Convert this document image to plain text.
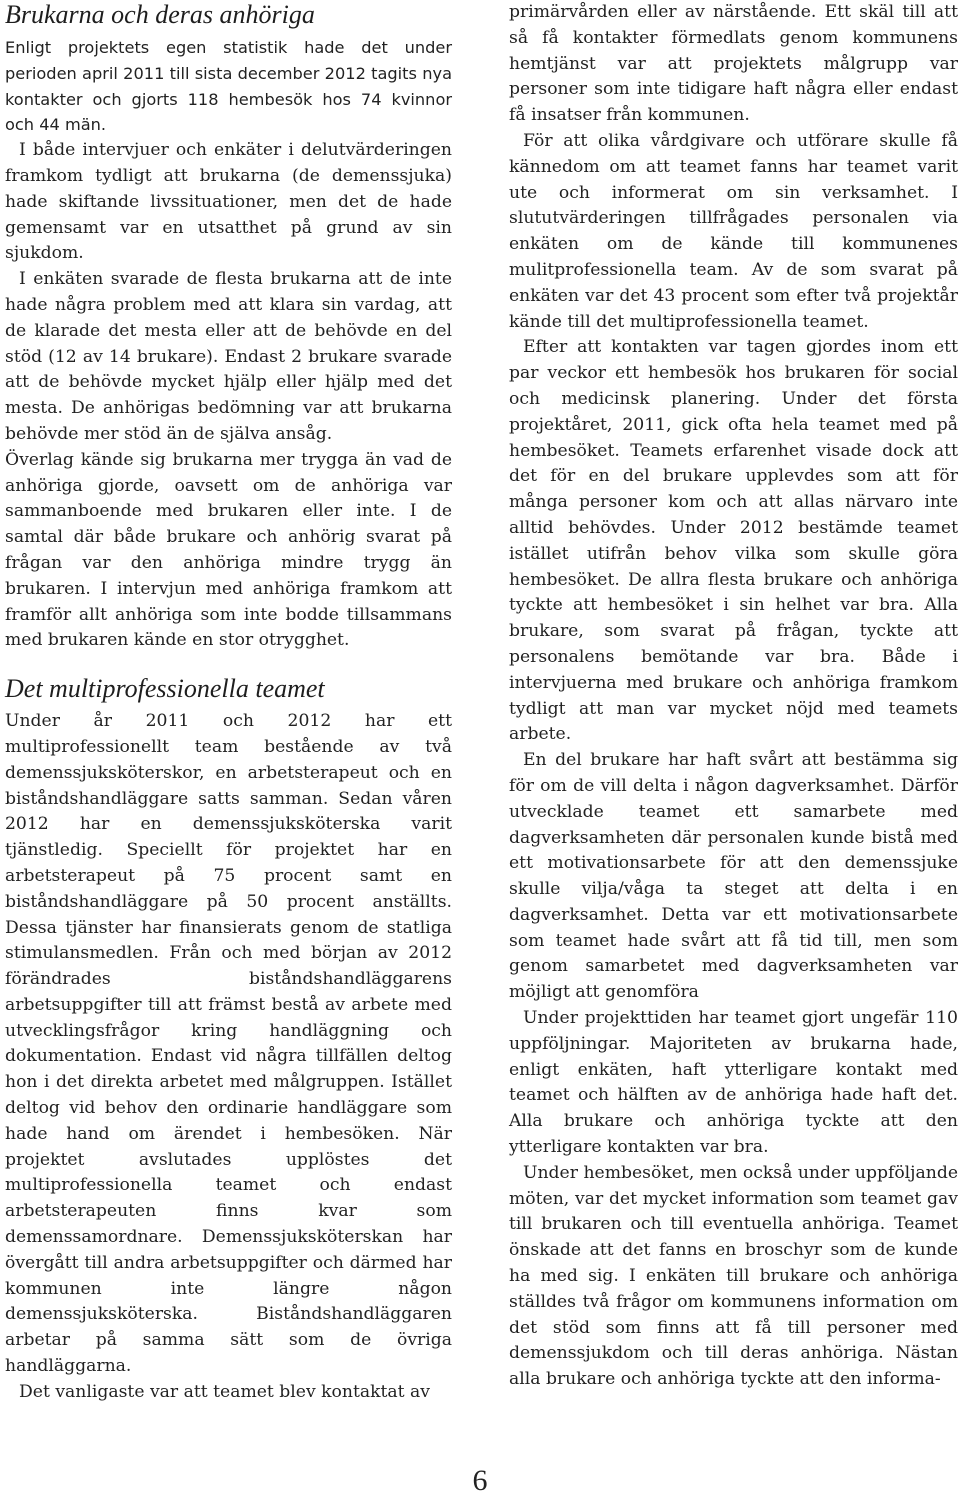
Brukarna och deras anhöriga

Enligt projektets egen statistik hade det under perioden april 2011 till sista december 2012 tagits nya kontakter och gjorts 118 hembesök hos 74 kvinnor och 44 män.

I både intervjuer och enkäter i delutvärderingen framkom tydligt att brukarna (de demenssjuka) hade skiftande livssituationer, men det de hade gemensamt var en utsatthet på grund av sin sjukdom.

I enkäten svarade de flesta brukarna att de inte hade några problem med att klara sin vardag, att de klarade det mesta eller att de behövde en del stöd (12 av 14 brukare). Endast 2 brukare svarade att de behövde mycket hjälp eller hjälp med det mesta. De anhörigas bedömning var att brukarna behövde mer stöd än de själva ansåg.

Överlag kände sig brukarna mer trygga än vad de anhöriga gjorde, oavsett om de anhöriga var sammanboende med brukaren eller inte. I de samtal där både brukare och anhörig svarat på frågan var den anhöriga mindre trygg än brukaren. I intervjun med anhöriga framkom att framför allt anhöriga som inte bodde tillsammans med brukaren kände en stor otrygghet.

Det multiprofessionella teamet

Under år 2011 och 2012 har ett multiprofessionellt team bestående av två demenssjuksköterskor, en arbetsterapeut och en biståndshandläggare satts samman. Sedan våren 2012 har en demenssjuksköterska varit tjänstledig. Speciellt för projektet har en arbetsterapeut på 75 procent samt en biståndshandläggare på 50 procent anställts. Dessa tjänster har finansierats genom de statliga stimulansmedlen. Från och med början av 2012 förändrades biståndshandläggarens arbetsuppgifter till att främst bestå av arbete med utvecklingsfrågor kring handläggning och dokumentation. Endast vid några tillfällen deltog hon i det direkta arbetet med målgruppen. Istället deltog vid behov den ordinarie handläggare som hade hand om ärendet i hembesöken. När projektet avslutades upplöstes det multiprofessionella teamet och endast arbetsterapeuten finns kvar som demenssamordnare. Demenssjuksköterskan har övergått till andra arbetsuppgifter och därmed har kommunen inte längre någon demenssjuksköterska. Biståndshandläggaren arbetar på samma sätt som de övriga handläggarna.

Det vanligaste var att teamet blev kontaktat av

primärvården eller av närstående. Ett skäl till att så få kontakter förmedlats genom kommunens hemtjänst var att projektets målgrupp var personer som inte tidigare haft några eller endast få insatser från kommunen.

För att olika vårdgivare och utförare skulle få kännedom om att teamet fanns har teamet varit ute och informerat om sin verksamhet. I slututvärderingen tillfrågades personalen via enkäten om de kände till kommunenes mulitprofessionella team. Av de som svarat på enkäten var det 43 procent som efter två projektår kände till det multiprofessionella teamet.

Efter att kontakten var tagen gjordes inom ett par veckor ett hembesök hos brukaren för social och medicinsk planering. Under det första projektåret, 2011, gick ofta hela teamet med på hembesöket. Teamets erfarenhet visade dock att det för en del brukare upplevdes som att för många personer kom och att allas närvaro inte alltid behövdes. Under 2012 bestämde teamet istället utifrån behov vilka som skulle göra hembesöket. De allra flesta brukare och anhöriga tyckte att hembesöket i sin helhet var bra. Alla brukare, som svarat på frågan, tyckte att personalens bemötande var bra. Både i intervjuerna med brukare och anhöriga framkom tydligt att man var mycket nöjd med teamets arbete.

En del brukare har haft svårt att bestämma sig för om de vill delta i någon dagverksamhet. Därför utvecklade teamet ett samarbete med dagverksamheten där personalen kunde bistå med ett motivationsarbete för att den demenssjuke skulle vilja/våga ta steget att delta i en dagverksamhet. Detta var ett motivationsarbete som teamet hade svårt att få tid till, men som genom samarbetet med dagverksamheten var möjligt att genomföra

Under projekttiden har teamet gjort ungefär 110 uppföljningar. Majoriteten av brukarna hade, enligt enkäten, haft ytterligare kontakt med teamet och hälften av de anhöriga hade haft det. Alla brukare och anhöriga tyckte att den ytterligare kontakten var bra.

Under hembesöket, men också under uppföljande möten, var det mycket information som teamet gav till brukaren och till eventuella anhöriga. Teamet önskade att det fanns en broschyr som de kunde ha med sig. I enkäten till brukare och anhöriga ställdes två frågor om kommunens information om det stöd som finns att få till personer med demenssjukdom och till deras anhöriga. Nästan alla brukare och anhöriga tyckte att den informa-

6
